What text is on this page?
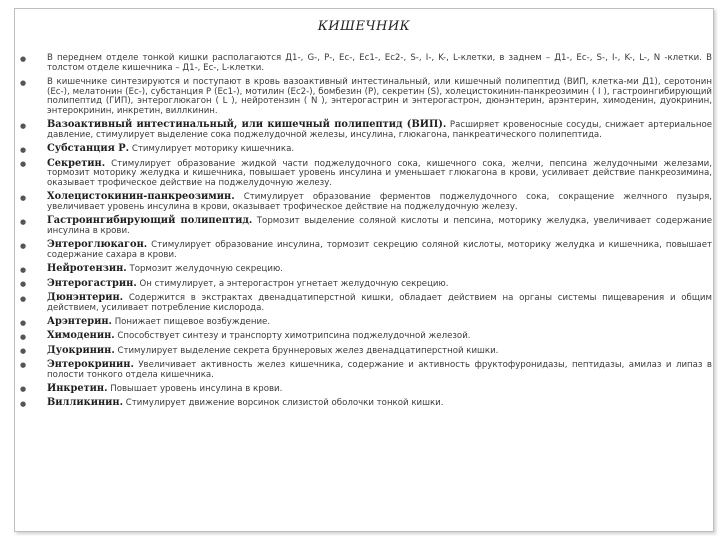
КИШЕЧНИК
● В переднем отделе тонкой кишки располагаются Д1-, G-, P-, Ес-, Ес1-, Ес2-, S-, I-, K-, L-клетки, в заднем – Д1-, Ес-, S-, I-, K-, L-, N -клетки. В толстом отделе кишечника – Д1-, Ес-, L-клетки.
● В кишечнике синтезируются и поступают в кровь вазоактивный интестинальный, или кишечный полипептид (ВИП, клетка-ми Д1), серотонин (Ес-), мелатонин (Ес-), субстанция Р (Ес1-), мотилин (Ес2-), бомбезин (Р), секретин (S), холецистокинин-панкреозимин ( I ), гастроингибирующий полипептид (ГИП), энтероглюкагон ( L ), нейротензин ( N ), энтерогастрин и энтерогастрон, дюнэнтерин, арэнтерин, химоденин, дуокринин, энтерокринин, инкретин, виллкинин.
● Вазоактивный интестинальный, или кишечный полипептид (ВИП). Расширяет кровеносные сосуды, снижает артериальное давление, стимулирует выделение сока поджелудочной железы, инсулина, глюкагона, панкреатического полипептида.
● Субстанция Р. Стимулирует моторику кишечника.
● Секретин. Стимулирует образование жидкой части поджелудочного сока, кишечного сока, желчи, пепсина желудочными железами, тормозит моторику желудка и кишечника, повышает уровень инсулина и уменьшает глюкагона в крови, усиливает действие панкреозимина, оказывает трофическое действие на поджелудочную железу.
● Холецистокинин-панкреозимин. Стимулирует образование ферментов поджелудочного сока, сокращение желчного пузыря, увеличивает уровень инсулина в крови, оказывает трофическое действие на поджелудочную железу.
● Гастроингибирующий полипептид. Тормозит выделение соляной кислоты и пепсина, моторику желудка, увеличивает содержание инсулина в крови.
● Энтероглюкагон. Стимулирует образование инсулина, тормозит секрецию соляной кислоты, моторику желудка и кишечника, повышает содержание сахара в крови.
● Нейротензин. Тормозит желудочную секрецию.
● Энтерогастрин. Он стимулирует, а энтерогастрон угнетает желудочную секрецию.
● Дюнэнтерин. Содержится в экстрактах двенадцатиперстной кишки, обладает действием на органы системы пищеварения и общим действием, усиливает потребление кислорода.
● Арэнтерин. Понижает пищевое возбуждение.
● Химоденин. Способствует синтезу и транспорту химотрипсина поджелудочной железой.
● Дуокринин. Стимулирует выделение секрета бруннеровых желез двенадцатиперстной кишки.
● Энтерокринин. Увеличивает активность желез кишечника, содержание и активность фруктофуронидазы, пептидазы, амилаз и липаз в полости тонкого отдела кишечника.
● Инкретин. Повышает уровень инсулина в крови.
● Вилликинин. Стимулирует движение ворсинок слизистой оболочки тонкой кишки.
